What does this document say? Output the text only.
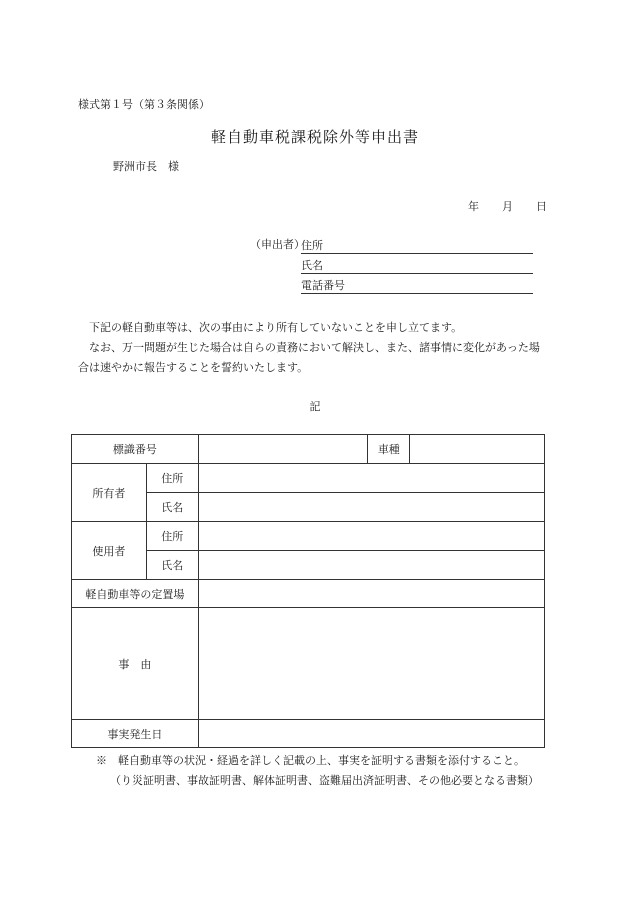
様式第１号（第３条関係）
軽自動車税課税除外等申出書
野洲市長　様
年 月 日
（申出者）
住所
氏名
電話番号

下記の軽自動車等は、次の事由により所有していないことを申し立てます。

なお、万一問題が生じた場合は自らの責務において解決し、また、諸事情に変化があった場合は速やかに報告することを誓約いたします。

記
標識番号			車種	
所有者	住所			
	氏名			
使用者	住所			
	氏名			
軽自動車等の定置場				
事　由				
事実発生日				
※　軽自動車等の状況・経過を詳しく記載の上、事実を証明する書類を添付すること。
（り災証明書、事故証明書、解体証明書、盗難届出済証明書、その他必要となる書類）
